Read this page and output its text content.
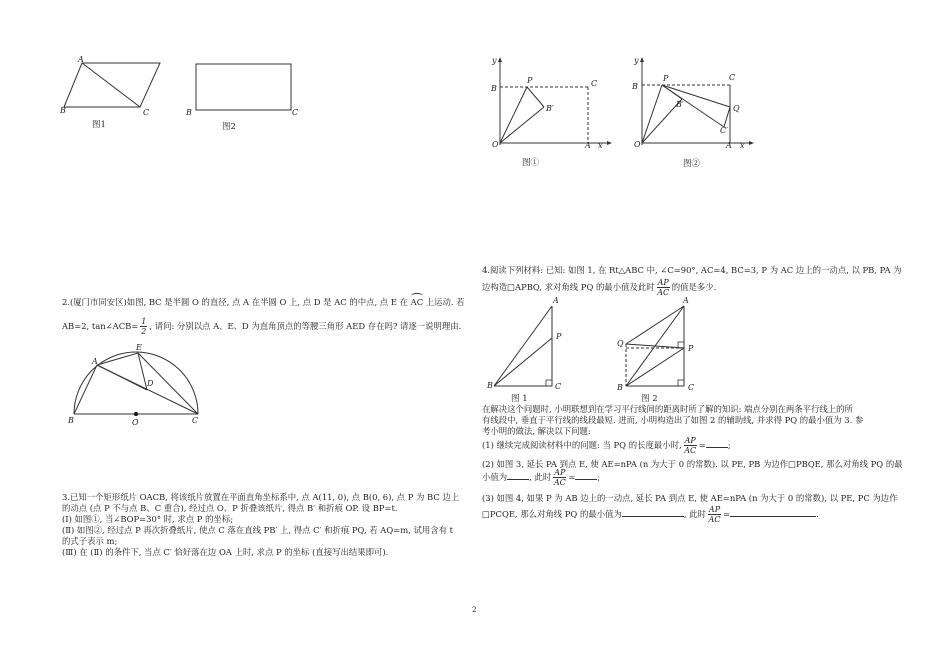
A
B	C
图1
B	C
图2
2.(厦门市同安区)如图, BC 是半圆 O 的直径, 点 A 在半圆 O 上, 点 D 是 AC 的中点, 点 E 在 AC 上运动. 若
AB=2, tan∠ACB= $\frac{1}{2}$ , 请问: 分别以点 A、E、D 为直角顶点的等腰三角形 AED 存在吗? 请逐一说明理由.
A
E
D
B	O	C
3.已知一个矩形纸片 OACB, 将该纸片放置在平面直角坐标系中, 点 A(11, 0), 点 B(0, 6), 点 P 为 BC 边上
的动点 (点 P 不与点 B、C 重合), 经过点 O、P 折叠该纸片, 得点 B′ 和折痕 OP. 设 BP=t.
(Ⅰ) 如图①, 当∠BOP=30° 时, 求点 P 的坐标;
(Ⅱ) 如图②, 经过点 P 再次折叠纸片, 使点 C 落在直线 PB′ 上, 得点 C′ 和折痕 PQ, 若 AQ=m, 试用含有 t
的式子表示 m;
(Ⅲ) 在 (Ⅱ) 的条件下, 当点 C′ 恰好落在边 OA 上时, 求点 P 的坐标 (直接写出结果即可).
y
P	C
B
B′
O	A x
图①
y
P	C
B
B′	Q
C′
O	A x
图②
4.阅读下列材料: 已知: 如图 1, 在 Rt△ABC 中, ∠C=90°, AC=4, BC=3, P 为 AC 边上的一动点, 以 PB, PA 为
边构造□APBQ, 求对角线 PQ 的最小值及此时 $\frac{AP}{AC}$ 的值是多少.
A
P
B	C
图 1
A
Q
P
B	C
图 2
在解决这个问题时, 小明联想到在学习平行线间的距离时所了解的知识: 端点分别在两条平行线上的所
有线段中, 垂直于平行线的线段最短. 进而, 小明构造出了如图 2 的辅助线, 并求得 PQ 的最小值为 3. 参
考小明的做法, 解决以下问题:
(1) 继续完成阅读材料中的问题: 当 PQ 的长度最小时, $\frac{AP}{AC}$ =	;
(2) 如图 3, 延长 PA 到点 E, 使 AE=nPA (n 为大于 0 的常数). 以 PE, PB 为边作□PBQE, 那么对角线 PQ 的最
小值为	, 此时 $\frac{AP}{AC}$ =	;
(3) 如图 4, 如果 P 为 AB 边上的一动点, 延长 PA 到点 E, 使 AE=nPA (n 为大于 0 的常数), 以 PE, PC 为边作
□PCQE, 那么对角线 PQ 的最小值为	, 此时 $\frac{AP}{AC}$ =	.
2
